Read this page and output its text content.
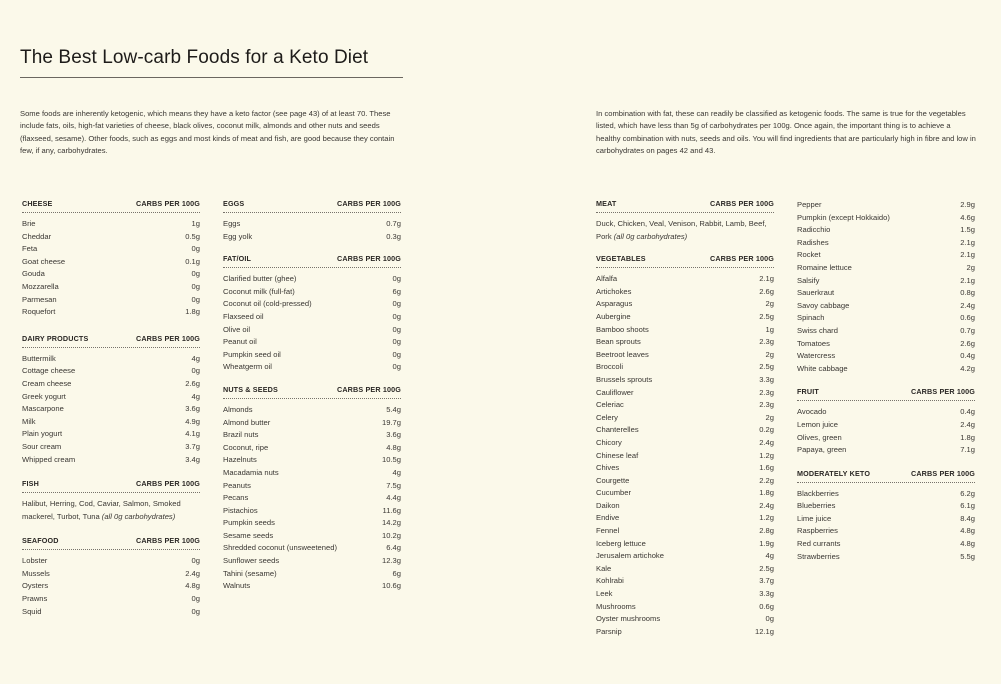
The Best Low-carb Foods for a Keto Diet

Some foods are inherently ketogenic, which means they have a keto factor (see page 43) of at least 70. These include fats, oils, high-fat varieties of cheese, black olives, coconut milk, almonds and other nuts and seeds (flaxseed, sesame). Other foods, such as eggs and most kinds of meat and fish, are good because they contain few, if any, carbohydrates.

In combination with fat, these can readily be classified as ketogenic foods. The same is true for the vegetables listed, which have less than 5g of carbohydrates per 100g. Once again, the important thing is to achieve a healthy combination with nuts, seeds and oils. You will find ingredients that are particularly high in fibre and low in carbohydrates on pages 42 and 43.

CHEESE	CARBS PER 100G
Brie	1g
Cheddar	0.5g
Feta	0g
Goat cheese	0.1g
Gouda	0g
Mozzarella	0g
Parmesan	0g
Roquefort	1.8g
DAIRY PRODUCTS	CARBS PER 100G
Buttermilk	4g
Cottage cheese	0g
Cream cheese	2.6g
Greek yogurt	4g
Mascarpone	3.6g
Milk	4.9g
Plain yogurt	4.1g
Sour cream	3.7g
Whipped cream	3.4g
FISH	CARBS PER 100G
Halibut, Herring, Cod, Caviar, Salmon, Smoked mackerel, Turbot, Tuna (all 0g carbohydrates)
SEAFOOD	CARBS PER 100G
Lobster	0g
Mussels	2.4g
Oysters	4.8g
Prawns	0g
Squid	0g
EGGS	CARBS PER 100G
Eggs	0.7g
Egg yolk	0.3g
FAT/OIL	CARBS PER 100G
Clarified butter (ghee)	0g
Coconut milk (full-fat)	6g
Coconut oil (cold-pressed)	0g
Flaxseed oil	0g
Olive oil	0g
Peanut oil	0g
Pumpkin seed oil	0g
Wheatgerm oil	0g
NUTS & SEEDS	CARBS PER 100G
Almonds	5.4g
Almond butter	19.7g
Brazil nuts	3.6g
Coconut, ripe	4.8g
Hazelnuts	10.5g
Macadamia nuts	4g
Peanuts	7.5g
Pecans	4.4g
Pistachios	11.6g
Pumpkin seeds	14.2g
Sesame seeds	10.2g
Shredded coconut (unsweetened)	6.4g
Sunflower seeds	12.3g
Tahini (sesame)	6g
Walnuts	10.6g
MEAT	CARBS PER 100G
Duck, Chicken, Veal, Venison, Rabbit, Lamb, Beef, Pork (all 0g carbohydrates)
VEGETABLES	CARBS PER 100G
Alfalfa	2.1g
Artichokes	2.6g
Asparagus	2g
Aubergine	2.5g
Bamboo shoots	1g
Bean sprouts	2.3g
Beetroot leaves	2g
Broccoli	2.5g
Brussels sprouts	3.3g
Cauliflower	2.3g
Celeriac	2.3g
Celery	2g
Chanterelles	0.2g
Chicory	2.4g
Chinese leaf	1.2g
Chives	1.6g
Courgette	2.2g
Cucumber	1.8g
Daikon	2.4g
Endive	1.2g
Fennel	2.8g
Iceberg lettuce	1.9g
Jerusalem artichoke	4g
Kale	2.5g
Kohlrabi	3.7g
Leek	3.3g
Mushrooms	0.6g
Oyster mushrooms	0g
Parsnip	12.1g
Pepper	2.9g
Pumpkin (except Hokkaido)	4.6g
Radicchio	1.5g
Radishes	2.1g
Rocket	2.1g
Romaine lettuce	2g
Salsify	2.1g
Sauerkraut	0.8g
Savoy cabbage	2.4g
Spinach	0.6g
Swiss chard	0.7g
Tomatoes	2.6g
Watercress	0.4g
White cabbage	4.2g
FRUIT	CARBS PER 100G
Avocado	0.4g
Lemon juice	2.4g
Olives, green	1.8g
Papaya, green	7.1g
MODERATELY KETO	CARBS PER 100G
Blackberries	6.2g
Blueberries	6.1g
Lime juice	8.4g
Raspberries	4.8g
Red currants	4.8g
Strawberries	5.5g
